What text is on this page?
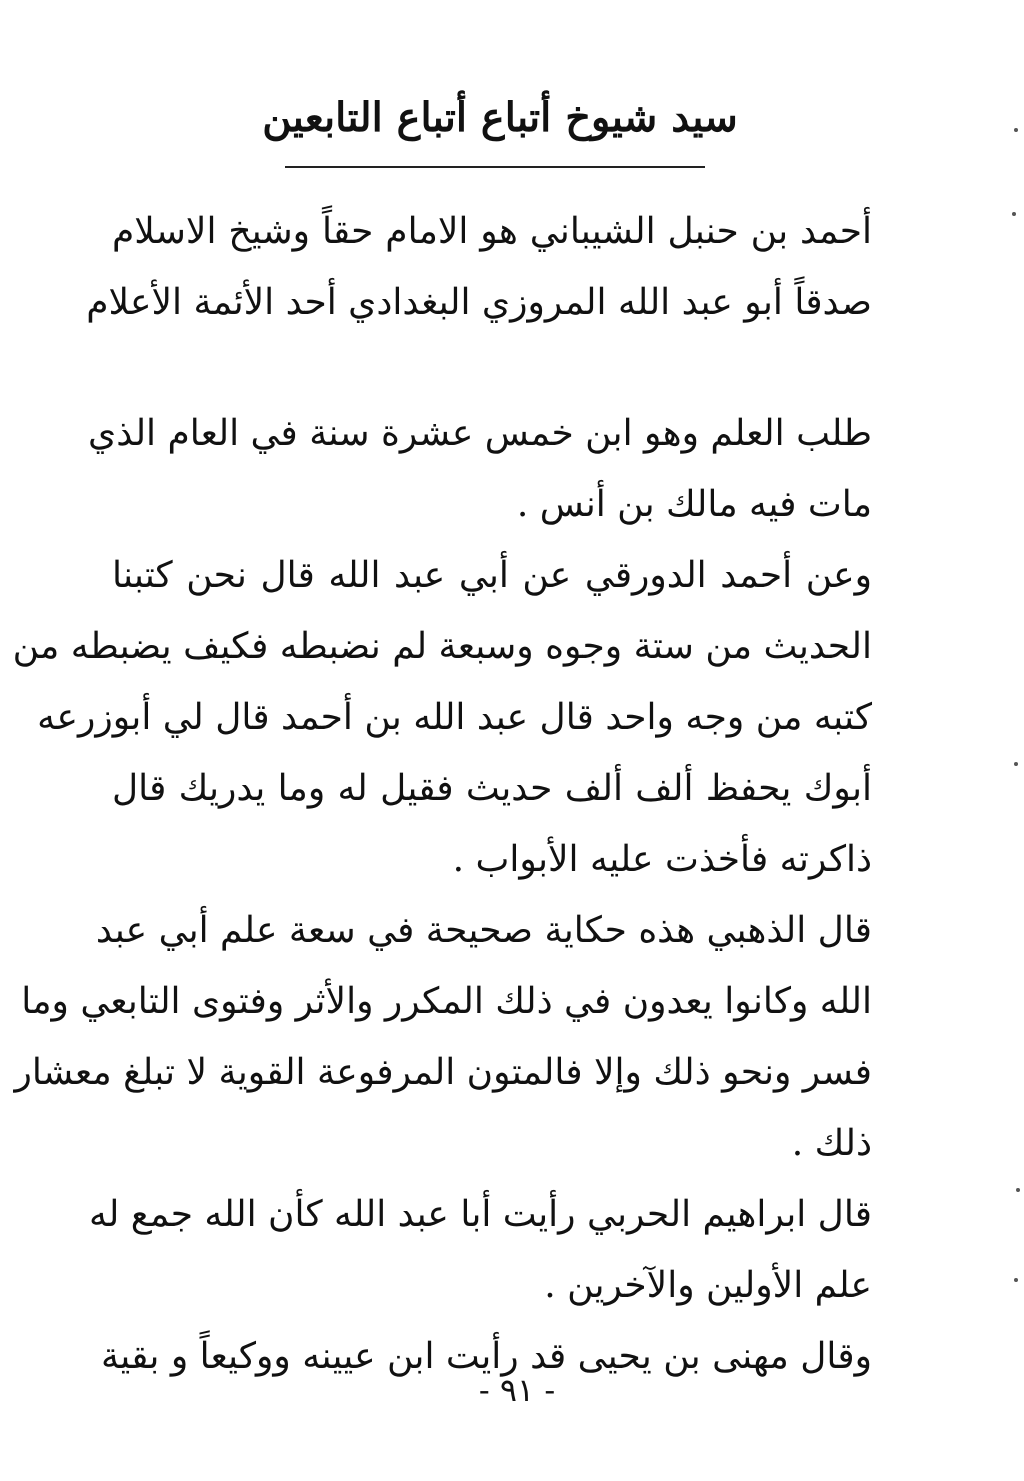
سيد شيوخ أتباع أتباع التابعين

أحمد بن حنبل الشيباني هو الامام حقاً وشيخ الاسلام
صدقاً أبو عبد الله المروزي البغدادي أحد الأئمة الأعلام

طلب العلم وهو ابن خمس عشرة سنة في العام الذي
مات فيه مالك بن أنس .

وعن أحمد الدورقي عن أبي عبد الله قال نحن كتبنا
الحديث من ستة وجوه وسبعة لم نضبطه فكيف يضبطه من
كتبه من وجه واحد قال عبد الله بن أحمد قال لي أبوزرعه
أبوك يحفظ ألف ألف حديث فقيل له وما يدريك قال
ذاكرته فأخذت عليه الأبواب .

قال الذهبي هذه حكاية صحيحة في سعة علم أبي عبد
الله وكانوا يعدون في ذلك المكرر والأثر وفتوى التابعي وما
فسر ونحو ذلك وإلا فالمتون المرفوعة القوية لا تبلغ معشار
ذلك .

قال ابراهيم الحربي رأيت أبا عبد الله كأن الله جمع له
علم الأولين والآخرين .

وقال مهنى بن يحيى قد رأيت ابن عيينه ووكيعاً و بقية

- ٩١ -
